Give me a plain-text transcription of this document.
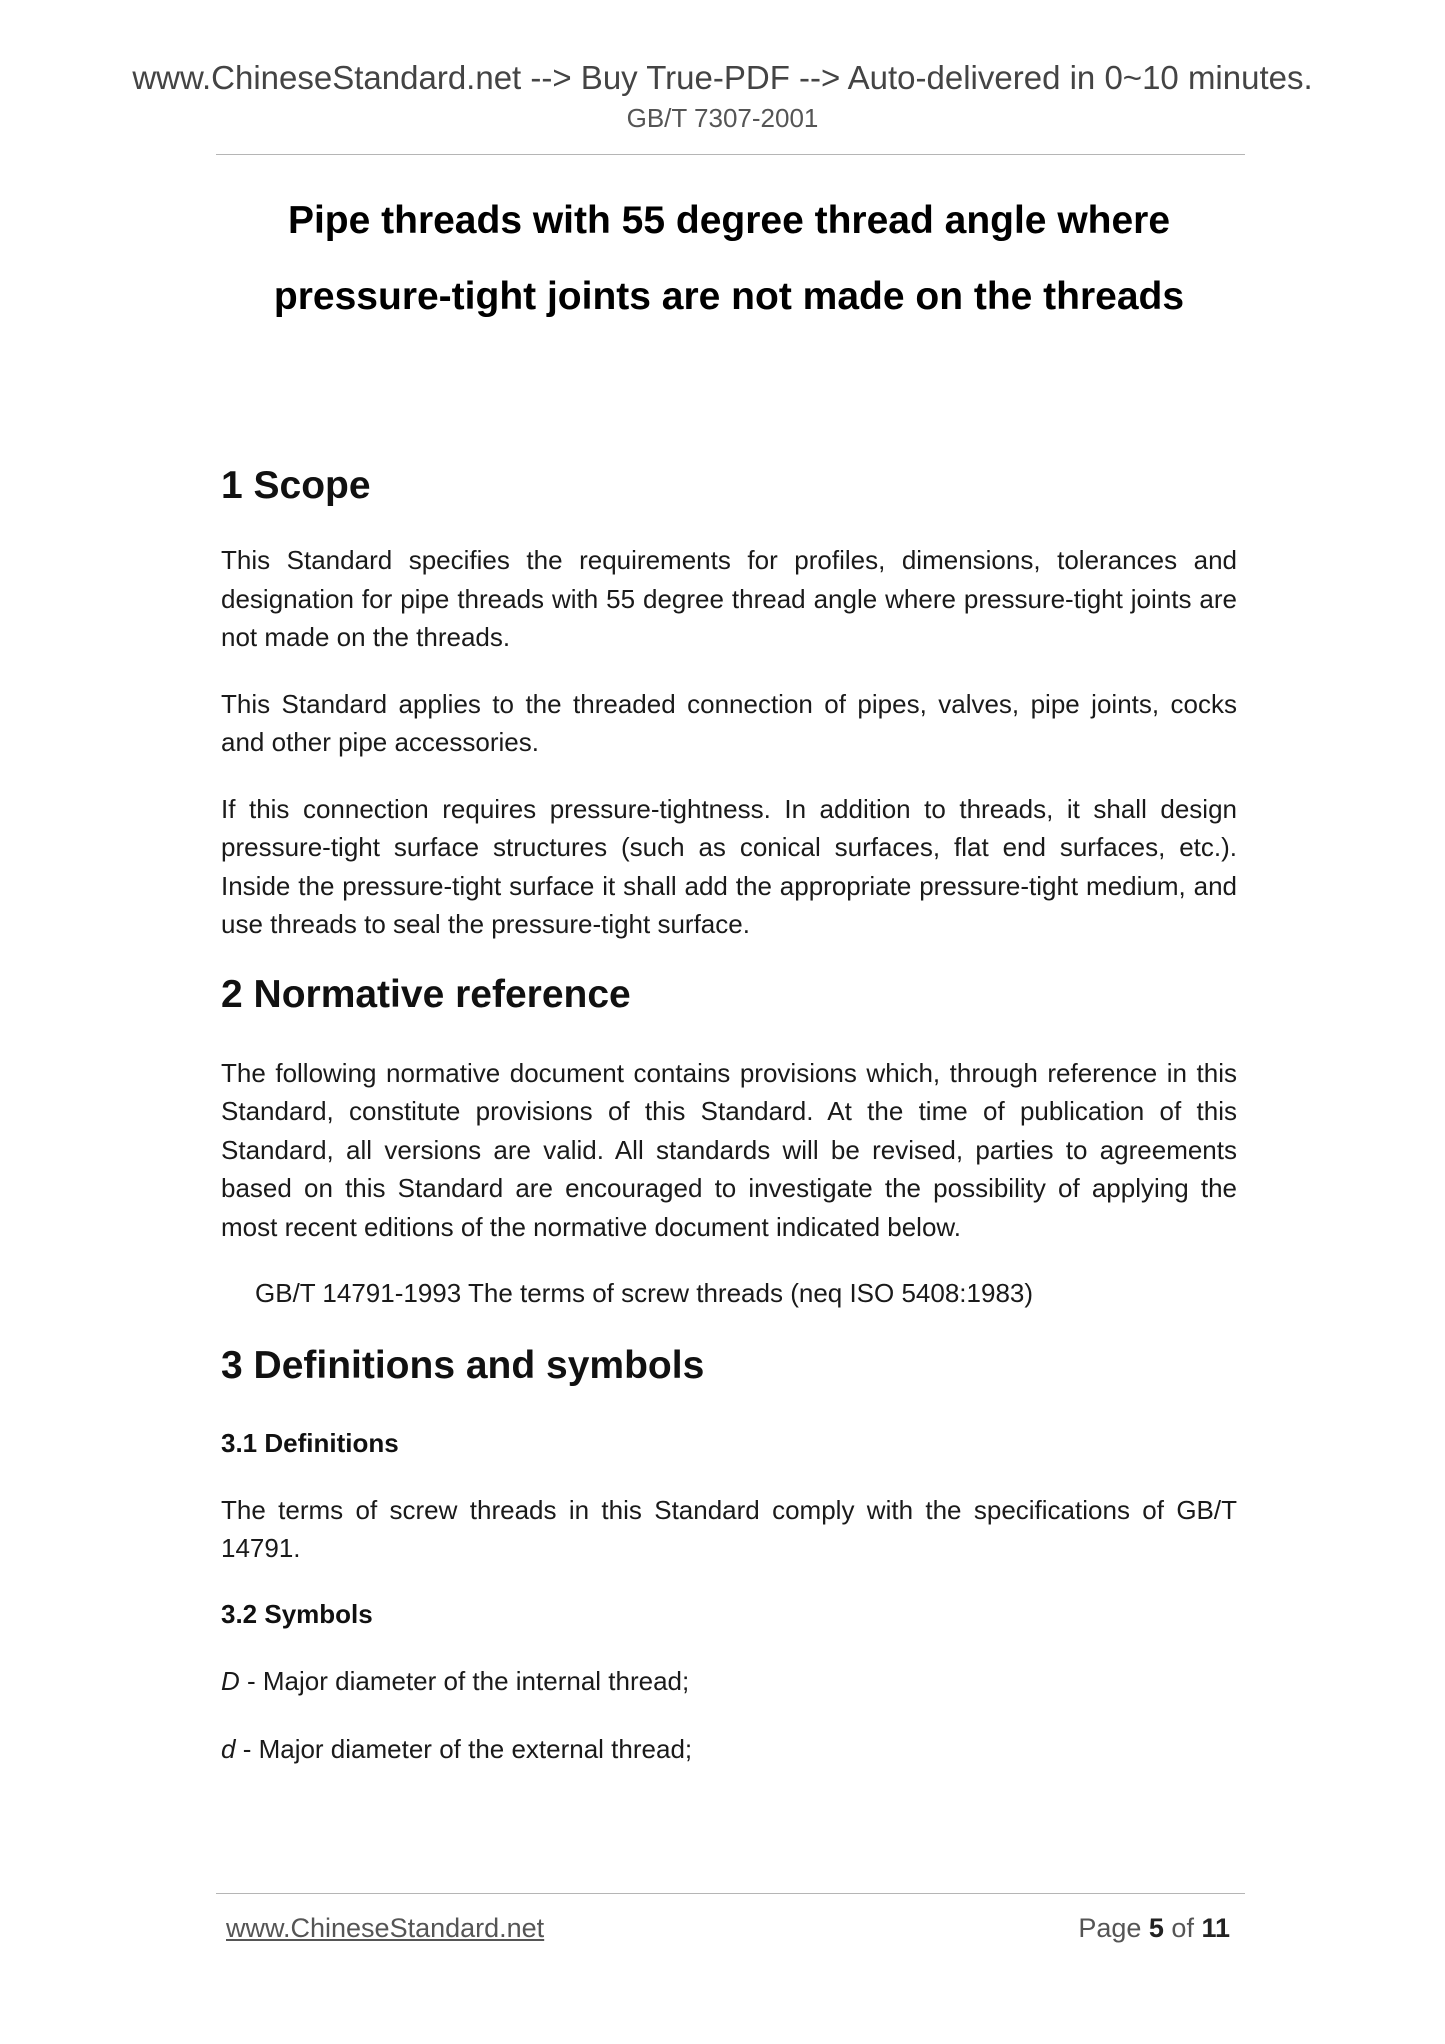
www.ChineseStandard.net --> Buy True-PDF --> Auto-delivered in 0~10 minutes.
GB/T 7307-2001
Pipe threads with 55 degree thread angle where
pressure-tight joints are not made on the threads
1 Scope

This Standard specifies the requirements for profiles, dimensions, tolerances and designation for pipe threads with 55 degree thread angle where pressure-tight joints are not made on the threads.

This Standard applies to the threaded connection of pipes, valves, pipe joints, cocks and other pipe accessories.

If this connection requires pressure-tightness. In addition to threads, it shall design pressure-tight surface structures (such as conical surfaces, flat end surfaces, etc.). Inside the pressure-tight surface it shall add the appropriate pressure-tight medium, and use threads to seal the pressure-tight surface.

2 Normative reference

The following normative document contains provisions which, through reference in this Standard, constitute provisions of this Standard. At the time of publication of this Standard, all versions are valid. All standards will be revised, parties to agreements based on this Standard are encouraged to investigate the possibility of applying the most recent editions of the normative document indicated below.

GB/T 14791-1993 The terms of screw threads (neq ISO 5408:1983)

3 Definitions and symbols
3.1 Definitions

The terms of screw threads in this Standard comply with the specifications of GB/T 14791.

3.2 Symbols

D - Major diameter of the internal thread;

d - Major diameter of the external thread;

www.ChineseStandard.net	Page 5 of 11
